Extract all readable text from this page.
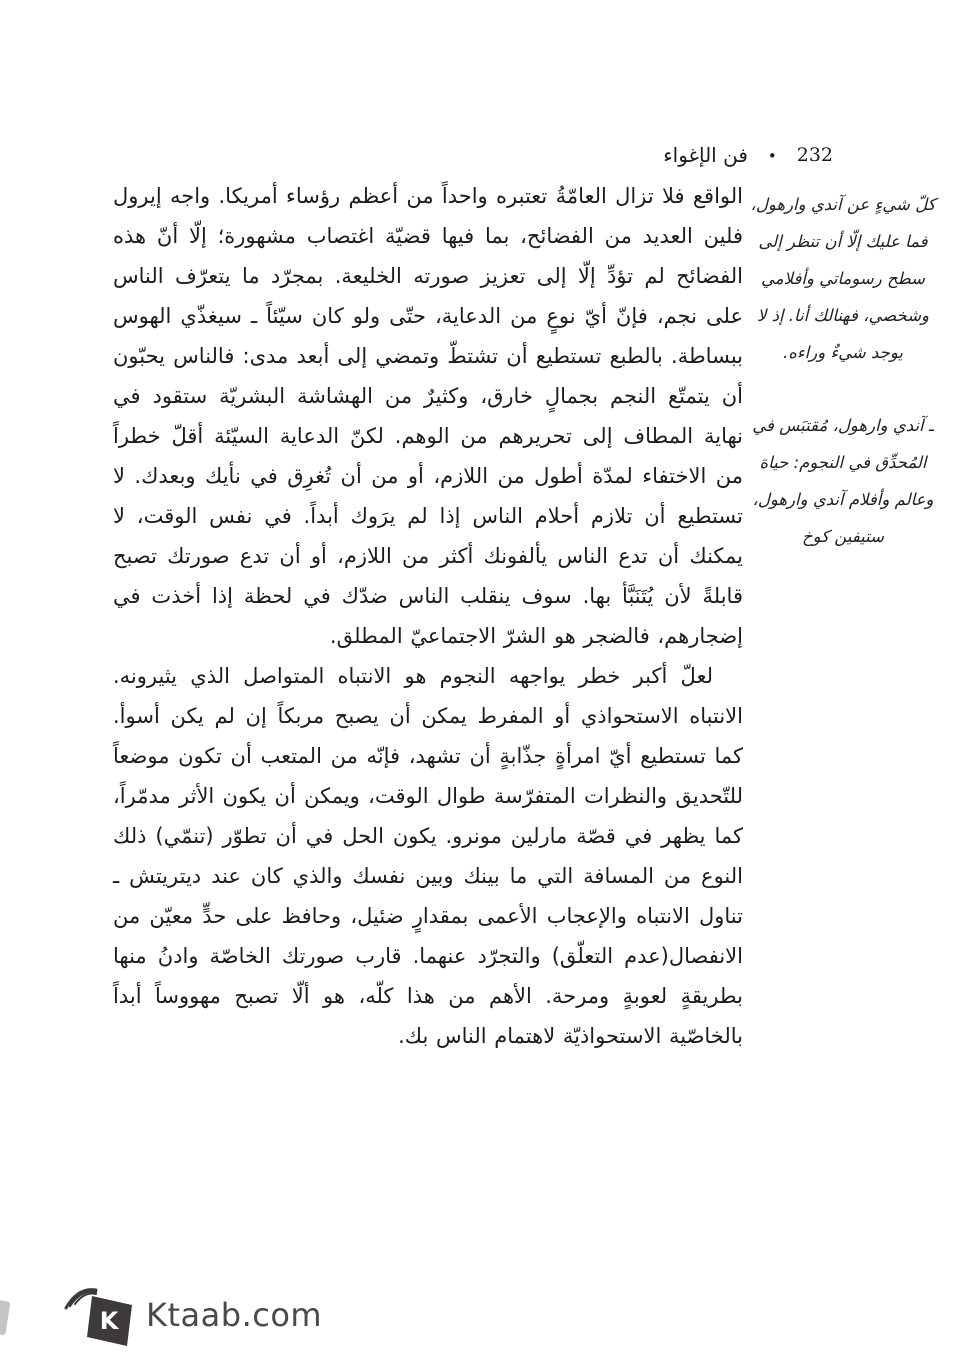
فن الإغواء • 232

الواقع فلا تزال العامّةُ تعتبره واحداً من أعظم رؤساء أمريكا. واجه إيرول فلين العديد من الفضائح، بما فيها قضيّة اغتصاب مشهورة؛ إلّا أنّ هذه الفضائح لم تؤدِّ إلّا إلى تعزيز صورته الخليعة. بمجرّد ما يتعرّف الناس على نجم، فإنّ أيّ نوعٍ من الدعاية، حتّى ولو كان سيّئاً ـ سيغذّي الهوس ببساطة. بالطبع تستطيع أن تشتطّ وتمضي إلى أبعد مدى: فالناس يحبّون أن يتمتّع النجم بجمالٍ خارق، وكثيرٌ من الهشاشة البشريّة ستقود في نهاية المطاف إلى تحريرهم من الوهم. لكنّ الدعاية السيّئة أقلّ خطراً من الاختفاء لمدّة أطول من اللازم، أو من أن تُغرِق في نأيك وبعدك. لا تستطيع أن تلازم أحلام الناس إذا لم يرَوك أبداً. في نفس الوقت، لا يمكنك أن تدع الناس يألفونك أكثر من اللازم، أو أن تدع صورتك تصبح قابلةً لأن يُتَنَبَّأ بها. سوف ينقلب الناس ضدّك في لحظة إذا أخذت في إضجارهم، فالضجر هو الشرّ الاجتماعيّ المطلق.

لعلّ أكبر خطر يواجهه النجوم هو الانتباه المتواصل الذي يثيرونه. الانتباه الاستحواذي أو المفرط يمكن أن يصبح مربكاً إن لم يكن أسوأ. كما تستطيع أيّ امرأةٍ جذّابةٍ أن تشهد، فإنّه من المتعب أن تكون موضعاً للتّحديق والنظرات المتفرّسة طوال الوقت، ويمكن أن يكون الأثر مدمّراً، كما يظهر في قصّة مارلين مونرو. يكون الحل في أن تطوّر (تنمّي) ذلك النوع من المسافة التي ما بينك وبين نفسك والذي كان عند ديتريتش ـ تناول الانتباه والإعجاب الأعمى بمقدارٍ ضئيل، وحافظ على حدٍّ معيّن من الانفصال(عدم التعلّق) والتجرّد عنهما. قارب صورتك الخاصّة وادنُ منها بطريقةٍ لعوبةٍ ومرحة. الأهم من هذا كلّه، هو ألّا تصبح مهووساً أبداً بالخاصّية الاستحواذيّة لاهتمام الناس بك.

كلّ شيءٍ عن آندي وارهول، فما عليك إلّا أن تنظر إلى سطح رسوماتي وأفلامي وشخصي، فهنالك أنا. إذ لا يوجد شيءٌ وراءه.
ـ آندي وارهول، مُقتبَس في المُحدِّق في النجوم: حياة وعالم وأفلام آندي وارهول، ستيفين كوخ
K Ktaab.com
